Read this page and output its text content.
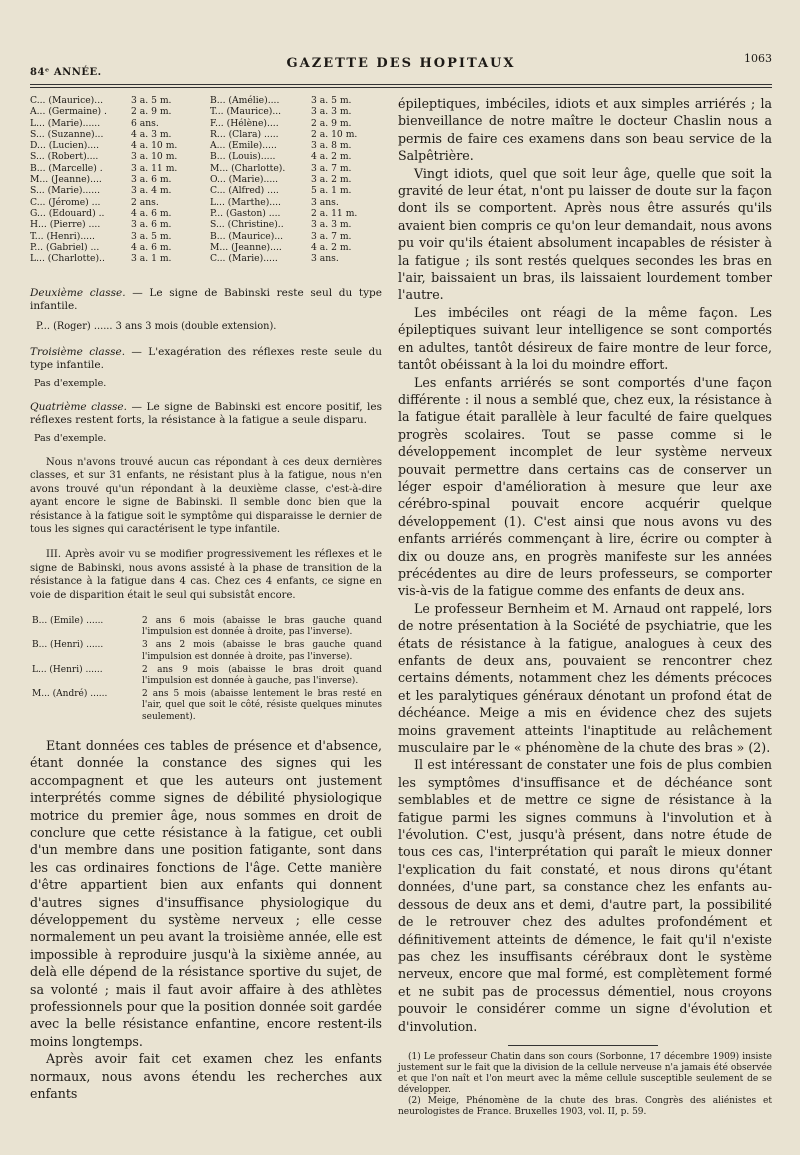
84ᵉ ANNÉE.
GAZETTE DES HOPITAUX	1063
C... (Maurice)...	3 a. 5 m.
A... (Germaine) .	2 a. 9 m.
L... (Marie)......	6 ans.
S... (Suzanne)...	4 a. 3 m.
D... (Lucien)....	4 a. 10 m.
S... (Robert)....	3 a. 10 m.
B... (Marcelle) .	3 a. 11 m.
M... (Jeanne)....	3 a. 6 m.
S... (Marie)......	3 a. 4 m.
C... (Jérome) ...	2 ans.
G... (Edouard) ..	4 a. 6 m.
H... (Pierre) ....	3 a. 6 m.
T... (Henri).....	3 a. 5 m.
P... (Gabriel) ...	4 a. 6 m.
L... (Charlotte)..	3 a. 1 m.
B... (Amélie)....	3 a. 5 m.
T... (Maurice)...	3 a. 3 m.
F... (Hélène)....	2 a. 9 m.
R... (Clara) .....	2 a. 10 m.
A... (Emile).....	3 a. 8 m.
B... (Louis).....	4 a. 2 m.
M... (Charlotte).	3 a. 7 m.
O... (Marie).....	3 a. 2 m.
C... (Alfred) ....	5 a. 1 m.
L... (Marthe)....	3 ans.
P... (Gaston) ....	2 a. 11 m.
S... (Christine)..	3 a. 3 m.
B... (Maurice)...	3 a. 7 m.
M... (Jeanne)....	4 a. 2 m.
C... (Marie).....	3 ans.

Deuxième classe. — Le signe de Babinski reste seul du type infantile.

P... (Roger) ...... 3 ans 3 mois (double extension).

Troisième classe. — L'exagération des réflexes reste seule du type infantile.

Pas d'exemple.

Quatrième classe. — Le signe de Babinski est encore positif, les réflexes restent forts, la résistance à la fatigue a seule disparu.

Pas d'exemple.

Nous n'avons trouvé aucun cas répondant à ces deux dernières classes, et sur 31 enfants, ne résistant plus à la fatigue, nous n'en avons trouvé qu'un répondant à la deuxième classe, c'est-à-dire ayant encore le signe de Babinski. Il semble donc bien que la résistance à la fatigue soit le symptôme qui disparaisse le dernier de tous les signes qui caractérisent le type infantile.

III. Après avoir vu se modifier progressivement les réflexes et le signe de Babinski, nous avons assisté à la phase de transition de la résistance à la fatigue dans 4 cas. Chez ces 4 enfants, ce signe en voie de disparition était le seul qui subsistât encore.

B... (Emile) ......	2 ans 6 mois (abaisse le bras gauche quand l'impulsion est donnée à droite, pas l'inverse).
B... (Henri) ......	3 ans 2 mois (abaisse le bras gauche quand l'impulsion est donnée à droite, pas l'inverse).
L... (Henri) ......	2 ans 9 mois (abaisse le bras droit quand l'impulsion est donnée à gauche, pas l'inverse).
M... (André) ......	2 ans 5 mois (abaisse lentement le bras resté en l'air, quel que soit le côté, résiste quelques minutes seulement).

Etant données ces tables de présence et d'absence, étant donnée la constance des signes qui les accompagnent et que les auteurs ont justement interprétés comme signes de débilité physiologique motrice du premier âge, nous sommes en droit de conclure que cette résistance à la fatigue, cet oubli d'un membre dans une position fatigante, sont dans les cas ordinaires fonctions de l'âge. Cette manière d'être appartient bien aux enfants qui donnent d'autres signes d'insuffisance physiologique du développement du système nerveux ; elle cesse normalement un peu avant la troisième année, elle est impossible à reproduire jusqu'à la sixième année, au delà elle dépend de la résistance sportive du sujet, de sa volonté ; mais il faut avoir affaire à des athlètes professionnels pour que la position donnée soit gardée avec la belle résistance enfantine, encore restent-ils moins longtemps.

Après avoir fait cet examen chez les enfants normaux, nous avons étendu les recherches aux enfants

épileptiques, imbéciles, idiots et aux simples arriérés ; la bienveillance de notre maître le docteur Chaslin nous a permis de faire ces examens dans son beau service de la Salpêtrière.

Vingt idiots, quel que soit leur âge, quelle que soit la gravité de leur état, n'ont pu laisser de doute sur la façon dont ils se comportent. Après nous être assurés qu'ils avaient bien compris ce qu'on leur demandait, nous avons pu voir qu'ils étaient absolument incapables de résister à la fatigue ; ils sont restés quelques secondes les bras en l'air, baissaient un bras, ils laissaient lourdement tomber l'autre.

Les imbéciles ont réagi de la même façon. Les épileptiques suivant leur intelligence se sont comportés en adultes, tantôt désireux de faire montre de leur force, tantôt obéissant à la loi du moindre effort.

Les enfants arriérés se sont comportés d'une façon différente : il nous a semblé que, chez eux, la résistance à la fatigue était parallèle à leur faculté de faire quelques progrès scolaires. Tout se passe comme si le développement incomplet de leur système nerveux pouvait permettre dans certains cas de conserver un léger espoir d'amélioration à mesure que leur axe cérébro-spinal pouvait encore acquérir quelque développement (1). C'est ainsi que nous avons vu des enfants arriérés commençant à lire, écrire ou compter à dix ou douze ans, en progrès manifeste sur les années précédentes au dire de leurs professeurs, se comporter vis-à-vis de la fatigue comme des enfants de deux ans.

Le professeur Bernheim et M. Arnaud ont rappelé, lors de notre présentation à la Société de psychiatrie, que les états de résistance à la fatigue, analogues à ceux des enfants de deux ans, pouvaient se rencontrer chez certains déments, notamment chez les déments précoces et les paralytiques généraux dénotant un profond état de déchéance. Meige a mis en évidence chez des sujets moins gravement atteints l'inaptitude au relâchement musculaire par le « phénomène de la chute des bras » (2).

Il est intéressant de constater une fois de plus combien les symptômes d'insuffisance et de déchéance sont semblables et de mettre ce signe de résistance à la fatigue parmi les signes communs à l'involution et à l'évolution. C'est, jusqu'à présent, dans notre étude de tous ces cas, l'interprétation qui paraît le mieux donner l'explication du fait constaté, et nous dirons qu'étant données, d'une part, sa constance chez les enfants au-dessous de deux ans et demi, d'autre part, la possibilité de le retrouver chez des adultes profondément et définitivement atteints de démence, le fait qu'il n'existe pas chez les insuffisants cérébraux dont le système nerveux, encore que mal formé, est complètement formé et ne subit pas de processus démentiel, nous croyons pouvoir le considérer comme un signe d'évolution et d'involution.

(1) Le professeur Chatin dans son cours (Sorbonne, 17 décembre 1909) insiste justement sur le fait que la division de la cellule nerveuse n'a jamais été observée et que l'on naît et l'on meurt avec la même cellule susceptible seulement de se développer.

(2) Meige, Phénomène de la chute des bras. Congrès des aliénistes et neurologistes de France. Bruxelles 1903, vol. II, p. 59.
